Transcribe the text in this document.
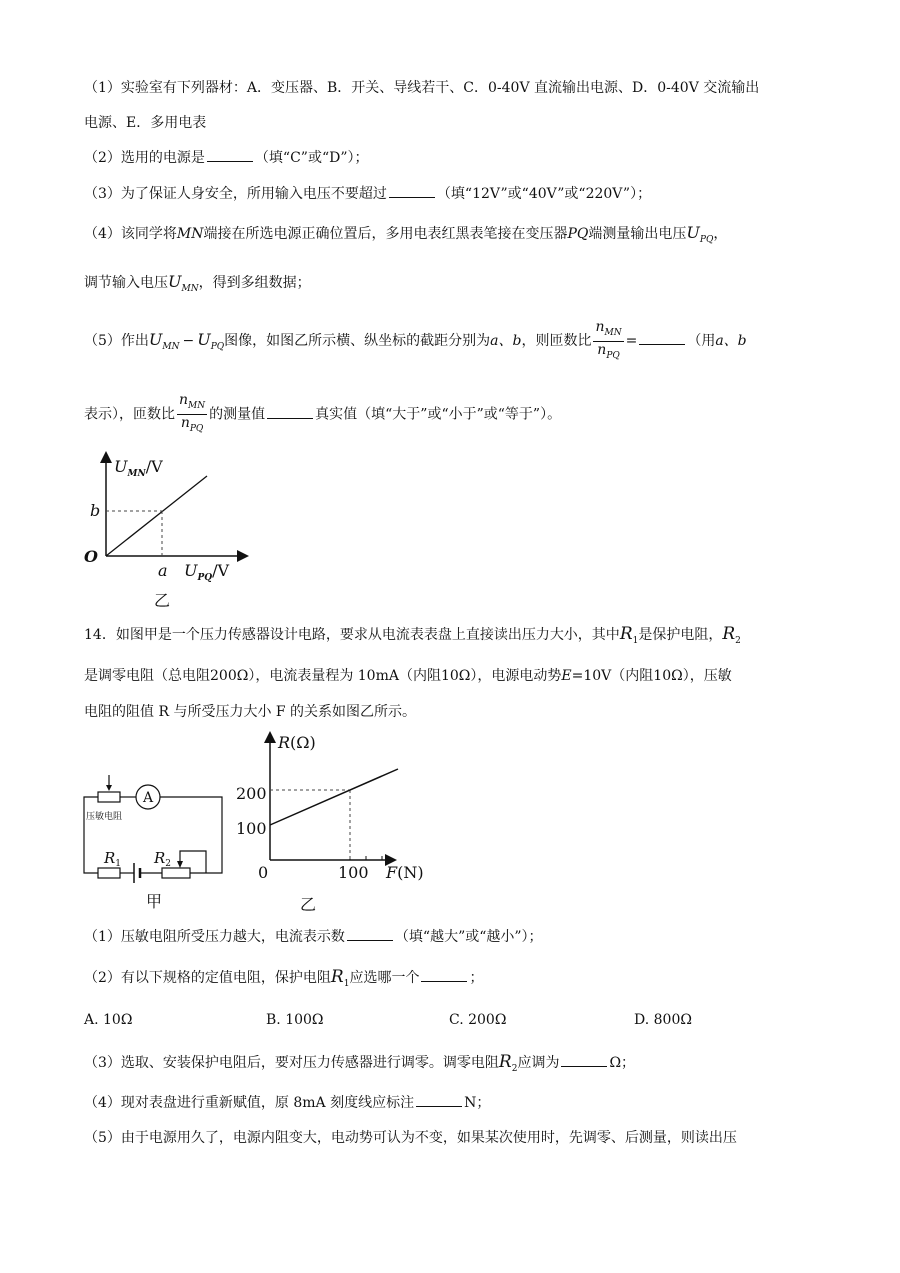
（1）实验室有下列器材：A．变压器、B．开关、导线若干、C．0-40V 直流输出电源、D．0-40V 交流输出
电源、E．多用电表
（2）选用的电源是	（填“C”或“D”）；
（3）为了保证人身安全，所用输入电压不要超过	（填“12V”或“40V”或“220V”）；
（4）该同学将MN端接在所选电源正确位置后，多用电表红黑表笔接在变压器PQ端测量输出电压$U_{PQ}$，
调节输入电压$U_{MN}$，得到多组数据；
（5）作出$U_{MN} - U_{PQ}$图像，如图乙所示横、纵坐标的截距分别为a、b，则匝数比 $\frac{n_{MN}}{n_{PQ}}$ =	（用a、b
表示），匝数比 $\frac{n_{MN}}{n_{PQ}}$ 的测量值	真实值（填“大于”或“小于”或“等于”）。
$U_{MN}/V$
b
O
a $U_{PQ}/V$
乙
14．如图甲是一个压力传感器设计电路，要求从电流表表盘上直接读出压力大小，其中$R_1$是保护电阻，$R_2$
是调零电阻（总电阻200Ω），电流表量程为 10mA（内阻10Ω），电源电动势E=10V（内阻10Ω），压敏
电阻的阻值 R 与所受压力大小 F 的关系如图乙所示。
压敏电阻
A
$R_1$ $R_2$
甲
R(Ω)
200
100
0	100 F(N)
乙
（1）压敏电阻所受压力越大，电流表示数	（填“越大”或“越小”）；
（2）有以下规格的定值电阻，保护电阻$R_1$应选哪一个	；
A. 10Ω	B. 100Ω	C. 200Ω	D. 800Ω
（3）选取、安装保护电阻后，要对压力传感器进行调零。调零电阻$R_2$应调为	Ω；
（4）现对表盘进行重新赋值，原 8mA 刻度线应标注	N；
（5）由于电源用久了，电源内阻变大，电动势可认为不变，如果某次使用时，先调零、后测量，则读出压
